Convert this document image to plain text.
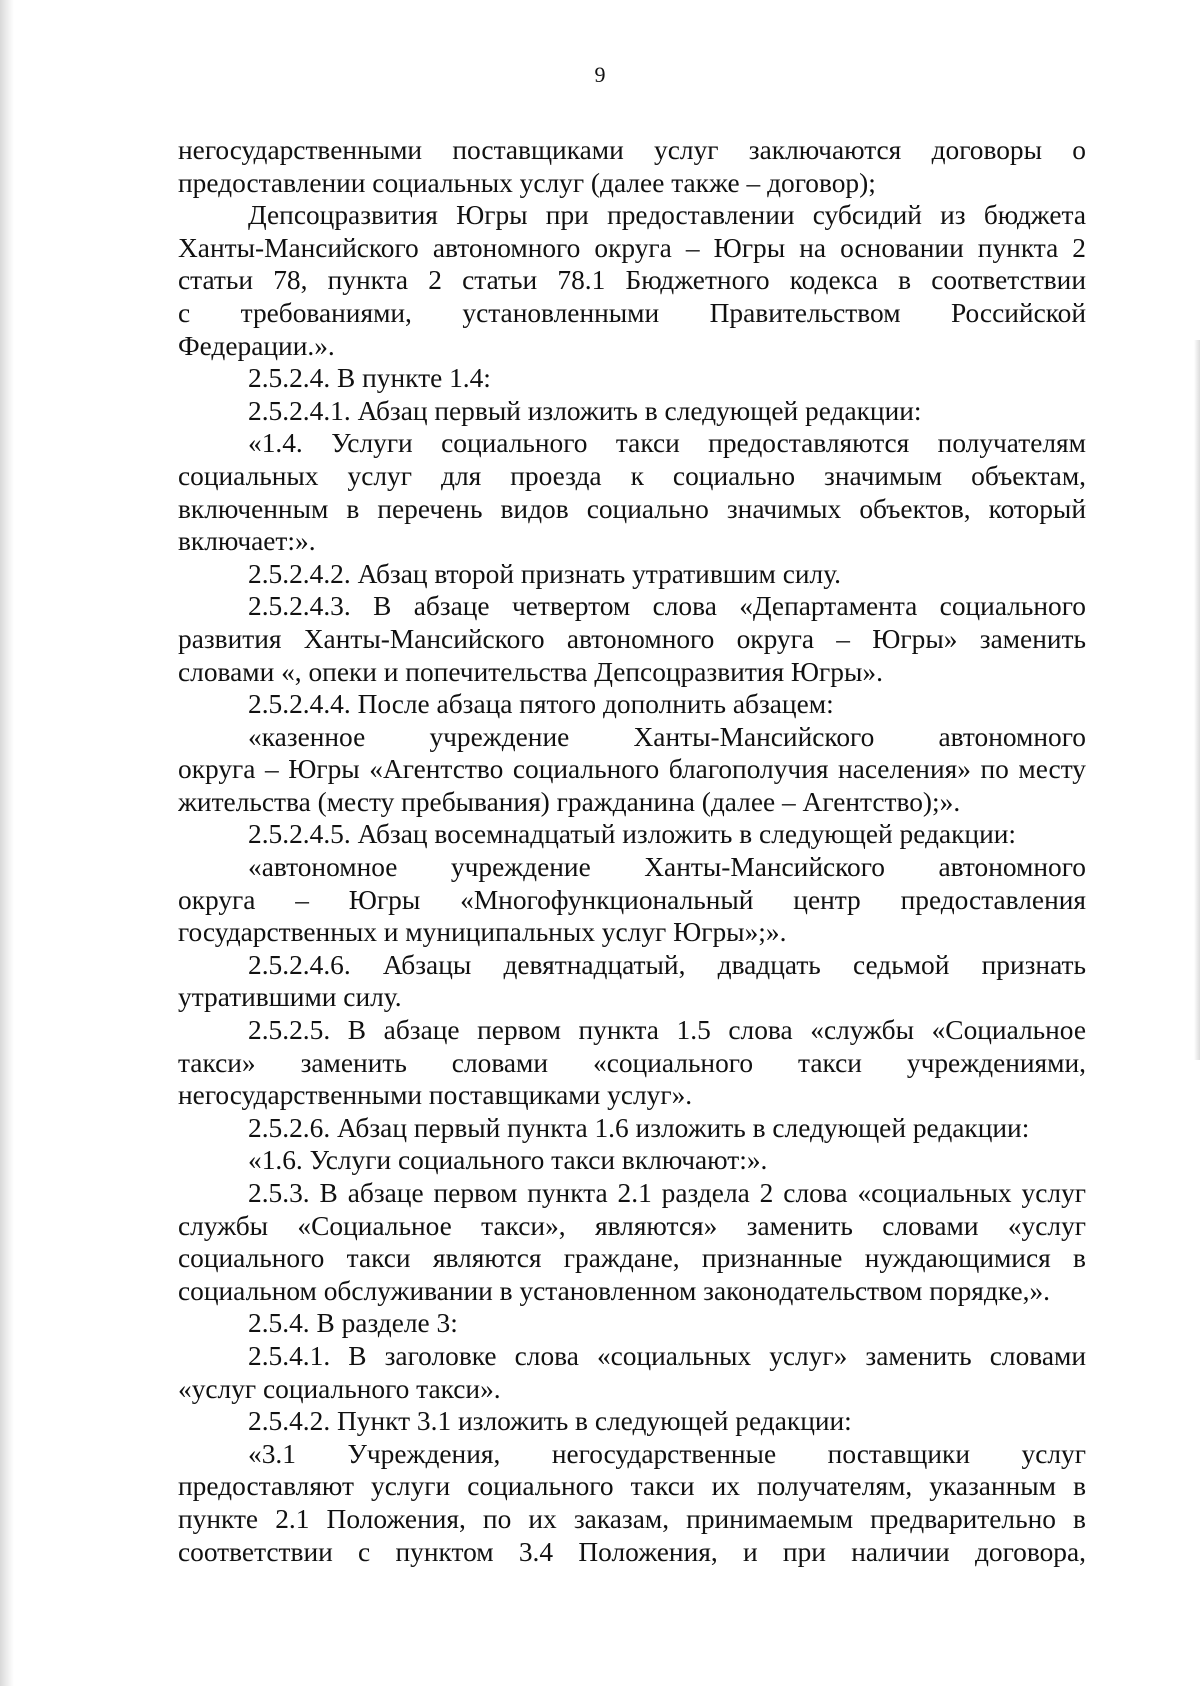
9
негосударственными поставщиками услуг заключаются договоры о
предоставлении социальных услуг (далее также – договор);
Депсоцразвития Югры при предоставлении субсидий из бюджета
Ханты-Мансийского автономного округа – Югры на основании пункта 2
статьи 78, пункта 2 статьи 78.1 Бюджетного кодекса в соответствии
с требованиями, установленными Правительством Российской
Федерации.».
2.5.2.4. В пункте 1.4:
2.5.2.4.1. Абзац первый изложить в следующей редакции:
«1.4. Услуги социального такси предоставляются получателям
социальных услуг для проезда к социально значимым объектам,
включенным в перечень видов социально значимых объектов, который
включает:».
2.5.2.4.2. Абзац второй признать утратившим силу.
2.5.2.4.3. В абзаце четвертом слова «Департамента социального
развития Ханты-Мансийского автономного округа – Югры» заменить
словами «, опеки и попечительства Депсоцразвития Югры».
2.5.2.4.4. После абзаца пятого дополнить абзацем:
«казенное учреждение Ханты-Мансийского автономного
округа – Югры «Агентство социального благополучия населения» по месту
жительства (месту пребывания) гражданина (далее – Агентство);».
2.5.2.4.5. Абзац восемнадцатый изложить в следующей редакции:
«автономное учреждение Ханты-Мансийского автономного
округа – Югры «Многофункциональный центр предоставления
государственных и муниципальных услуг Югры»;».
2.5.2.4.6. Абзацы девятнадцатый, двадцать седьмой признать
утратившими силу.
2.5.2.5. В абзаце первом пункта 1.5 слова «службы «Социальное
такси» заменить словами «социального такси учреждениями,
негосударственными поставщиками услуг».
2.5.2.6. Абзац первый пункта 1.6 изложить в следующей редакции:
«1.6. Услуги социального такси включают:».
2.5.3. В абзаце первом пункта 2.1 раздела 2 слова «социальных услуг
службы «Социальное такси», являются» заменить словами «услуг
социального такси являются граждане, признанные нуждающимися в
социальном обслуживании в установленном законодательством порядке,».
2.5.4. В разделе 3:
2.5.4.1. В заголовке слова «социальных услуг» заменить словами
«услуг социального такси».
2.5.4.2. Пункт 3.1 изложить в следующей редакции:
«3.1 Учреждения, негосударственные поставщики услуг
предоставляют услуги социального такси их получателям, указанным в
пункте 2.1 Положения, по их заказам, принимаемым предварительно в
соответствии с пунктом 3.4 Положения, и при наличии договора,
